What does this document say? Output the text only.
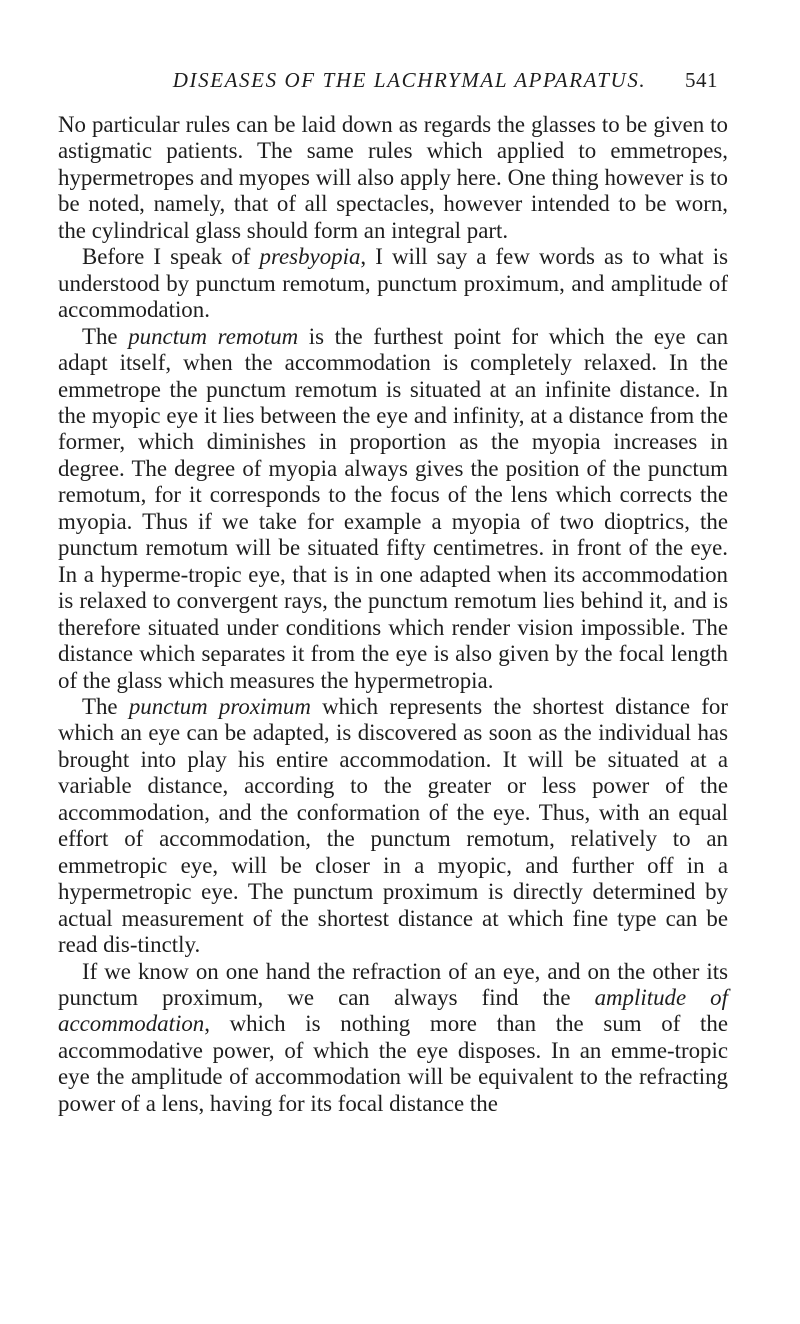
DISEASES OF THE LACHRYMAL APPARATUS.	541

No particular rules can be laid down as regards the glasses to be given to astigmatic patients. The same rules which applied to emmetropes, hypermetropes and myopes will also apply here. One thing however is to be noted, namely, that of all spectacles, however intended to be worn, the cylindrical glass should form an integral part.

Before I speak of presbyopia, I will say a few words as to what is understood by punctum remotum, punctum proximum, and amplitude of accommodation.

The punctum remotum is the furthest point for which the eye can adapt itself, when the accommodation is completely relaxed. In the emmetrope the punctum remotum is situated at an infinite distance. In the myopic eye it lies between the eye and infinity, at a distance from the former, which diminishes in proportion as the myopia increases in degree. The degree of myopia always gives the position of the punctum remotum, for it corresponds to the focus of the lens which corrects the myopia. Thus if we take for example a myopia of two dioptrics, the punctum remotum will be situated fifty centimetres. in front of the eye. In a hyperme-tropic eye, that is in one adapted when its accommodation is relaxed to convergent rays, the punctum remotum lies behind it, and is therefore situated under conditions which render vision impossible. The distance which separates it from the eye is also given by the focal length of the glass which measures the hypermetropia.

The punctum proximum which represents the shortest distance for which an eye can be adapted, is discovered as soon as the individual has brought into play his entire accommodation. It will be situated at a variable distance, according to the greater or less power of the accommodation, and the conformation of the eye. Thus, with an equal effort of accommodation, the punctum remotum, relatively to an emmetropic eye, will be closer in a myopic, and further off in a hypermetropic eye. The punctum proximum is directly determined by actual measurement of the shortest distance at which fine type can be read dis-tinctly.

If we know on one hand the refraction of an eye, and on the other its punctum proximum, we can always find the amplitude of accommodation, which is nothing more than the sum of the accommodative power, of which the eye disposes. In an emme-tropic eye the amplitude of accommodation will be equivalent to the refracting power of a lens, having for its focal distance the
